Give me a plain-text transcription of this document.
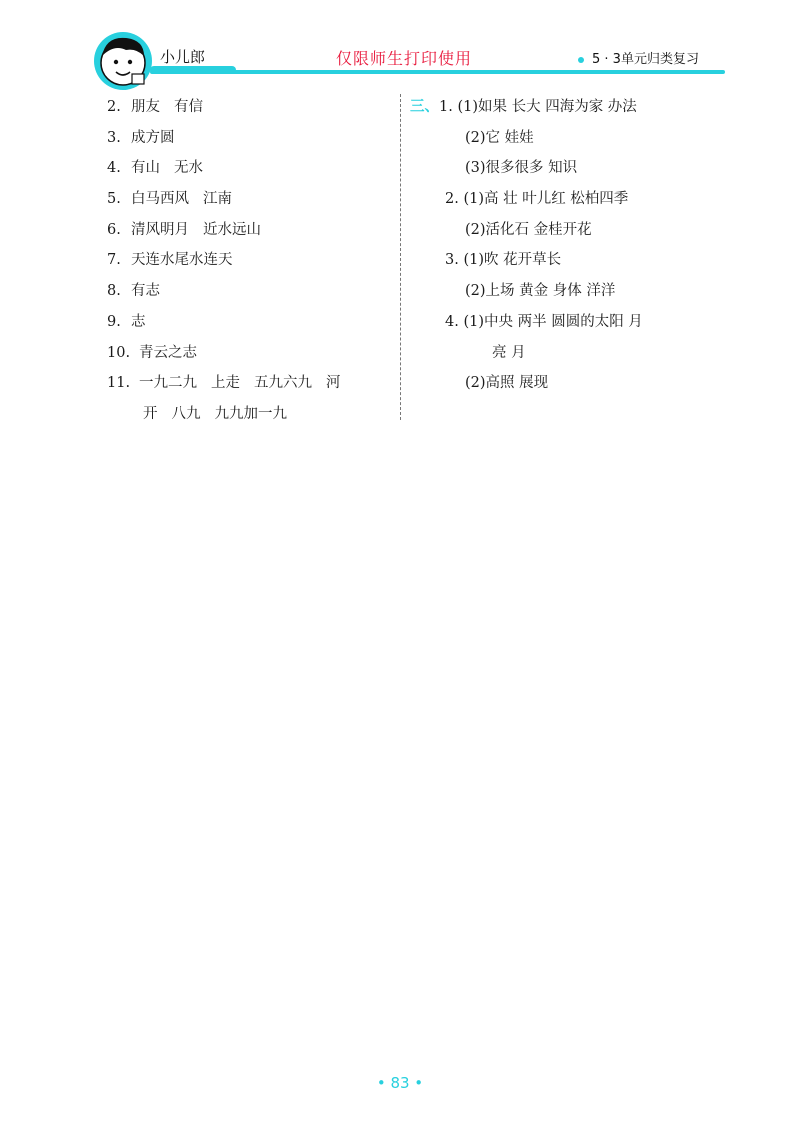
小儿郎	仅限师生打印使用	5 · 3单元归类复习
2. 朋友 有信
3. 成方圆
4. 有山 无水
5. 白马西风 江南
6. 清风明月 近水远山
7. 天连水尾水连天
8. 有志
9. 志
10. 青云之志
11. 一九二九 上走 五九六九 河
开 八九 九九加一九
三、1. (1)如果 长大 四海为家 办法
(2)它 娃娃
(3)很多很多 知识
2. (1)高 壮 叶儿红 松柏四季
(2)活化石 金桂开花
3. (1)吹 花开草长
(2)上场 黄金 身体 洋洋
4. (1)中央 两半 圆圆的太阳 月
亮 月
(2)高照 展现
• 83 •
